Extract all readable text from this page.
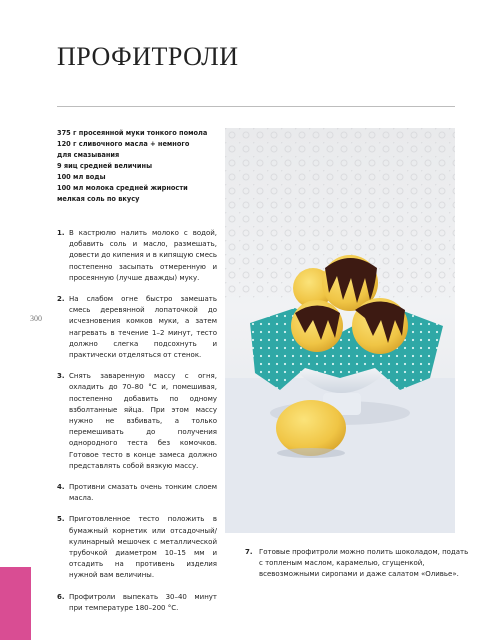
ПРОФИТРОЛИ
375 г просеянной муки тонкого помола
120 г сливочного масла + немного
для смазывания
9 яиц средней величины
100 мл воды
100 мл молока средней жирности
мелкая соль по вкусу
300
1. В кастрюлю налить молоко с водой, добавить соль и масло, размешать, довести до кипения и в кипящую смесь постепенно засыпать отмеренную и просеянную (лучше дважды) муку.
2. На слабом огне быстро замешать смесь деревянной лопаточкой до исчезновения комков муки, а затем нагревать в течение 1–2 минут, тесто должно слегка подсохнуть и практически отделяться от стенок.
3. Снять заваренную массу с огня, охладить до 70–80 °С и, помешивая, постепенно добавить по одному взболтанные яйца. При этом массу нужно не взбивать, а только перемешивать до получения однородного теста без комочков. Готовое тесто в конце замеса должно представлять собой вязкую массу.
4. Противни смазать очень тонким слоем масла.
5. Приготовленное тесто положить в бумажный корнетик или отсадочный/кулинарный мешочек с металлической трубочкой диаметром 10–15 мм и отсадить на противень изделия нужной вам величины.
6. Профитроли выпекать 30–40 минут при температуре 180–200 °С.
7. Готовые профитроли можно полить шоколадом, подать с топленым маслом, карамелью, сгущенкой, всевозможными сиропами и даже салатом «Оливье».
